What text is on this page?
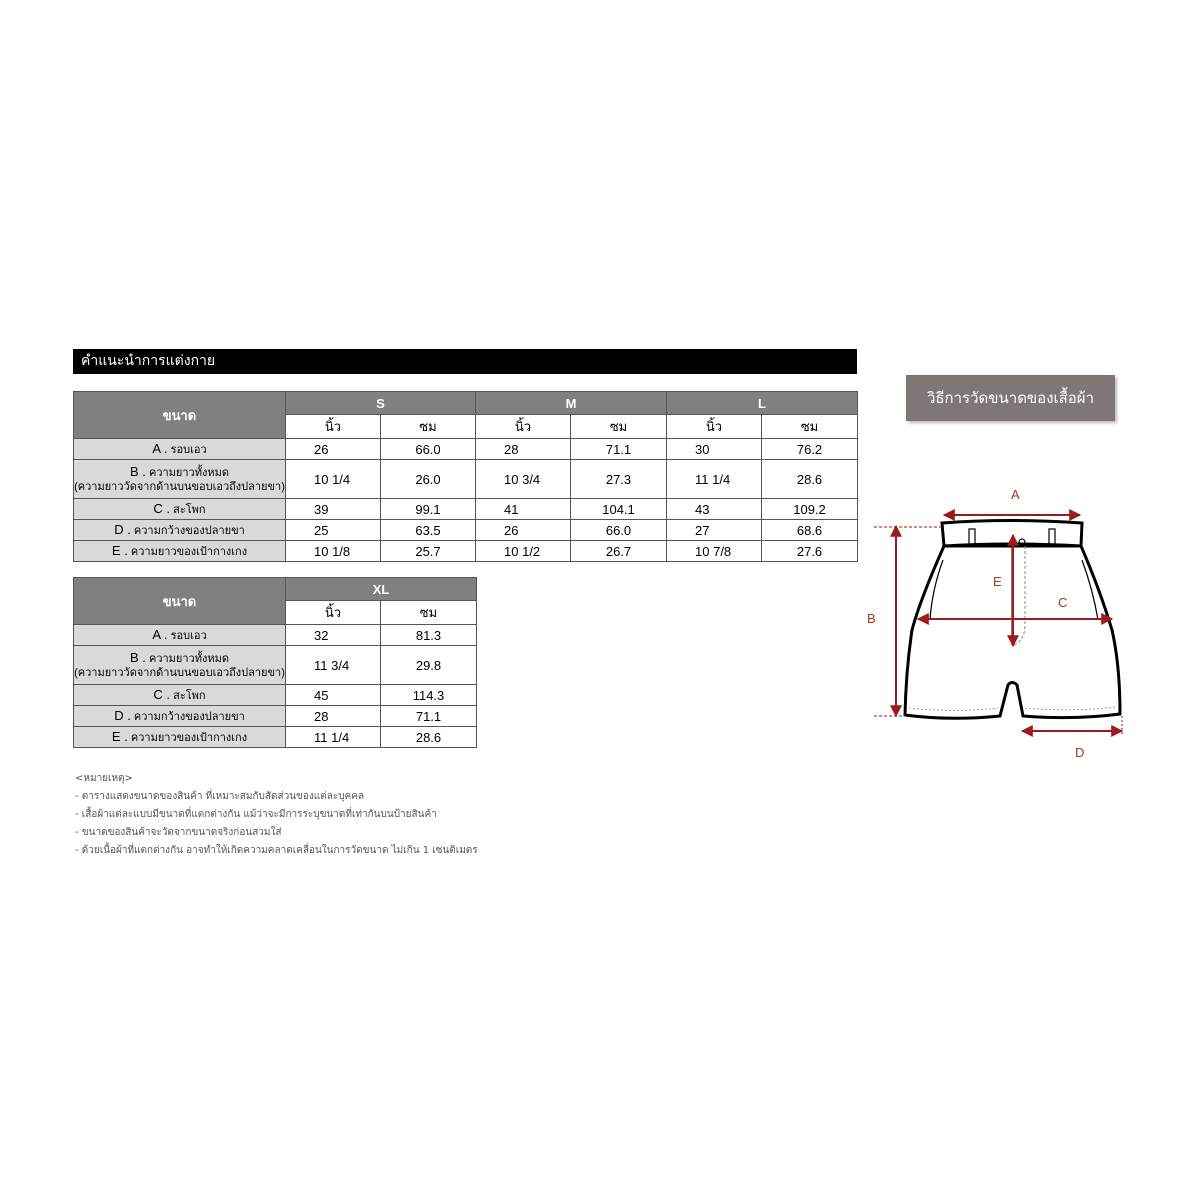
คำแนะนำการแต่งกาย
ขนาด	S		M		L	
	นิ้ว	ซม	นิ้ว	ซม	นิ้ว	ซม

A . รอบเอว	26	66.0	28	71.1	30	76.2

B . ความยาวทั้งหมด
(ความยาววัดจากด้านบนขอบเอวถึงปลายขา)	10 1/4	26.0	10 3/4	27.3	11 1/4	28.6

C . สะโพก	39	99.1	41	104.1	43	109.2

D . ความกว้างของปลายขา	25	63.5	26	66.0	27	68.6

E . ความยาวของเป้ากางเกง	10 1/8	25.7	10 1/2	26.7	10 7/8	27.6
ขนาด	XL	
	นิ้ว	ซม

A . รอบเอว	32	81.3

B . ความยาวทั้งหมด
(ความยาววัดจากด้านบนขอบเอวถึงปลายขา)	11 3/4	29.8

C . สะโพก	45	114.3

D . ความกว้างของปลายขา	28	71.1

E . ความยาวของเป้ากางเกง	11 1/4	28.6
<หมายเหตุ>
- ตารางแสดงขนาดของสินค้า ที่เหมาะสมกับสัดส่วนของแต่ละบุคคล
- เสื้อผ้าแต่ละแบบมีขนาดที่แตกต่างกัน แม้ว่าจะมีการระบุขนาดที่เท่ากันบนป้ายสินค้า
- ขนาดของสินค้าจะวัดจากขนาดจริงก่อนสวมใส่
- ด้วยเนื้อผ้าที่แตกต่างกัน อาจทำให้เกิดความคลาดเคลื่อนในการวัดขนาด ไม่เกิน 1 เซนติเมตร
วิธีการวัดขนาดของเสื้อผ้า
A
B
C
D
E
